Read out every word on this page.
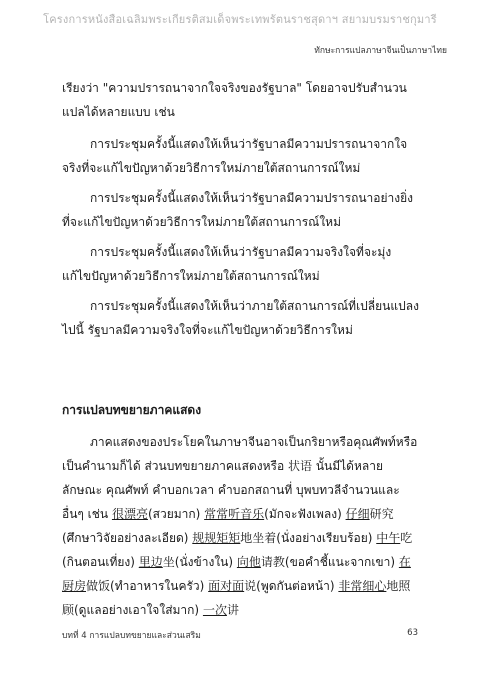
โครงการหนังสือเฉลิมพระเกียรติสมเด็จพระเทพรัตนราชสุดาฯ สยามบรมราชกุมารี
ทักษะการแปลภาษาจีนเป็นภาษาไทย

เรียงว่า "ความปรารถนาจากใจจริงของรัฐบาล" โดยอาจปรับสำนวนแปลได้หลายแบบ เช่น

การประชุมครั้งนี้แสดงให้เห็นว่ารัฐบาลมีความปรารถนาจากใจจริงที่จะแก้ไขปัญหาด้วยวิธีการใหม่ภายใต้สถานการณ์ใหม่

การประชุมครั้งนี้แสดงให้เห็นว่ารัฐบาลมีความปรารถนาอย่างยิ่งที่จะแก้ไขปัญหาด้วยวิธีการใหม่ภายใต้สถานการณ์ใหม่

การประชุมครั้งนี้แสดงให้เห็นว่ารัฐบาลมีความจริงใจที่จะมุ่งแก้ไขปัญหาด้วยวิธีการใหม่ภายใต้สถานการณ์ใหม่

การประชุมครั้งนี้แสดงให้เห็นว่าภายใต้สถานการณ์ที่เปลี่ยนแปลงไปนี้ รัฐบาลมีความจริงใจที่จะแก้ไขปัญหาด้วยวิธีการใหม่

การแปลบทขยายภาคแสดง

ภาคแสดงของประโยคในภาษาจีนอาจเป็นกริยาหรือคุณศัพท์หรือเป็นคำนามก็ได้ ส่วนบทขยายภาคแสดงหรือ 状语 นั้นมีได้หลายลักษณะ คุณศัพท์ คำบอกเวลา คำบอกสถานที่ บุพบทวลีจำนวนและอื่นๆ เช่น 很漂亮(สวยมาก) 常常听音乐(มักจะฟังเพลง) 仔细研究(ศึกษาวิจัยอย่างละเอียด) 规规矩矩地坐着(นั่งอย่างเรียบร้อย) 中午吃(กินตอนเที่ยง) 里边坐(นั่งข้างใน) 向他请教(ขอคำชี้แนะจากเขา) 在厨房做饭(ทำอาหารในครัว) 面对面说(พูดกันต่อหน้า) 非常细心地照顾(ดูแลอย่างเอาใจใส่มาก) 一次讲

บทที่ 4 การแปลบทขยายและส่วนเสริม	63
